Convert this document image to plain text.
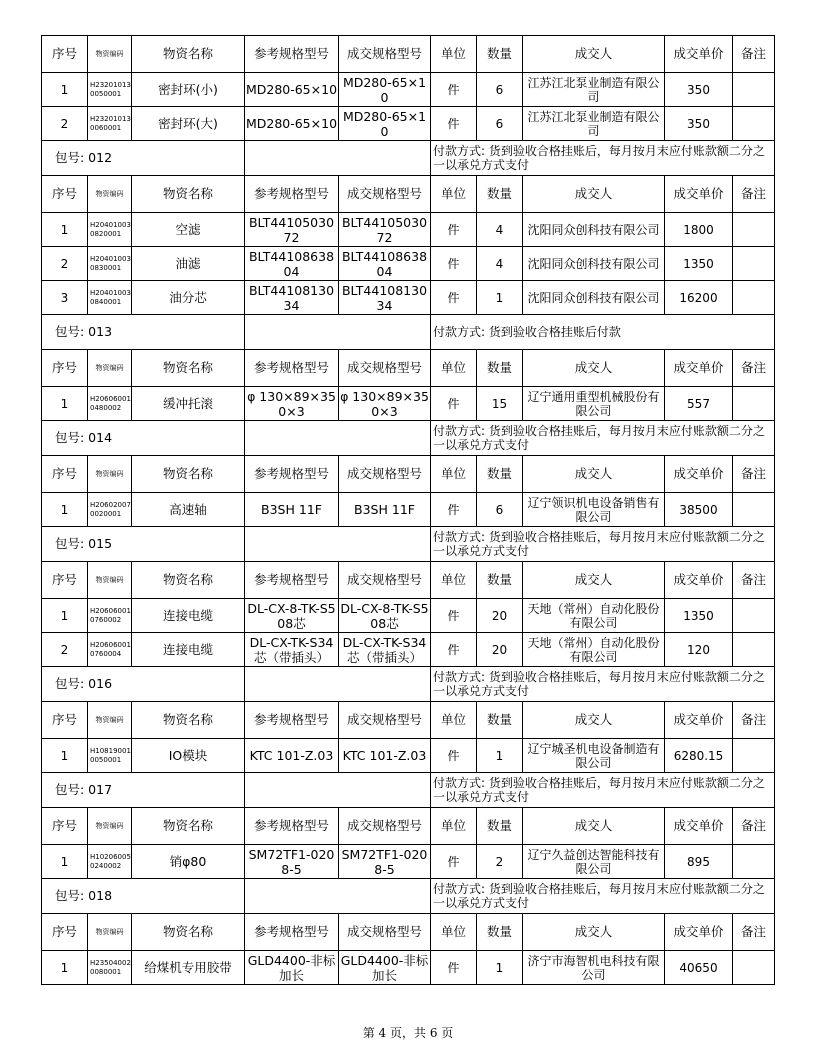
序号	物资编码	物资名称	参考规格型号	成交规格型号	单位	数量	成交人	成交单价	备注
1	H232010130050001	密封环(小)	MD280-65×10	MD280-65×10	件	6	江苏江北泵业制造有限公司	350	
2	H232010130060001	密封环(大)	MD280-65×10	MD280-65×10	件	6	江苏江北泵业制造有限公司	350	
包号: 012					付款方式: 货到验收合格挂账后，每月按月末应付账款额二分之一以承兑方式支付				
序号	物资编码	物资名称	参考规格型号	成交规格型号	单位	数量	成交人	成交单价	备注
1	H204010030820001	空滤	BLT4410503072	BLT4410503072	件	4	沈阳同众创科技有限公司	1800	
2	H204010030830001	油滤	BLT4410863804	BLT4410863804	件	4	沈阳同众创科技有限公司	1350	
3	H204010030840001	油分芯	BLT4410813034	BLT4410813034	件	1	沈阳同众创科技有限公司	16200	
包号: 013					付款方式: 货到验收合格挂账后付款				
序号	物资编码	物资名称	参考规格型号	成交规格型号	单位	数量	成交人	成交单价	备注
1	H206060010480002	缓冲托滚	φ 130×89×350×3	φ 130×89×350×3	件	15	辽宁通用重型机械股份有限公司	557	
包号: 014					付款方式: 货到验收合格挂账后，每月按月末应付账款额二分之一以承兑方式支付				
序号	物资编码	物资名称	参考规格型号	成交规格型号	单位	数量	成交人	成交单价	备注
1	H206020070020001	高速轴	B3SH 11F	B3SH 11F	件	6	辽宁领识机电设备销售有限公司	38500	
包号: 015					付款方式: 货到验收合格挂账后，每月按月末应付账款额二分之一以承兑方式支付				
序号	物资编码	物资名称	参考规格型号	成交规格型号	单位	数量	成交人	成交单价	备注
1	H206060010760002	连接电缆	DL-CX-8-TK-S508芯	DL-CX-8-TK-S508芯	件	20	天地（常州）自动化股份有限公司	1350	
2	H206060010760004	连接电缆	DL-CX-TK-S34芯（带插头）	DL-CX-TK-S34芯（带插头）	件	20	天地（常州）自动化股份有限公司	120	
包号: 016					付款方式: 货到验收合格挂账后，每月按月末应付账款额二分之一以承兑方式支付				
序号	物资编码	物资名称	参考规格型号	成交规格型号	单位	数量	成交人	成交单价	备注
1	H108190010050001	IO模块	KTC 101-Z.03	KTC 101-Z.03	件	1	辽宁城圣机电设备制造有限公司	6280.15	
包号: 017					付款方式: 货到验收合格挂账后，每月按月末应付账款额二分之一以承兑方式支付				
序号	物资编码	物资名称	参考规格型号	成交规格型号	单位	数量	成交人	成交单价	备注
1	H102060050240002	销φ80	SM72TF1-0208-5	SM72TF1-0208-5	件	2	辽宁久益创达智能科技有限公司	895	
包号: 018					付款方式: 货到验收合格挂账后，每月按月末应付账款额二分之一以承兑方式支付				
序号	物资编码	物资名称	参考规格型号	成交规格型号	单位	数量	成交人	成交单价	备注
1	H235040020080001	给煤机专用胶带	GLD4400-非标加长	GLD4400-非标加长	件	1	济宁市海智机电科技有限公司	40650	
第 4 页，共 6 页
